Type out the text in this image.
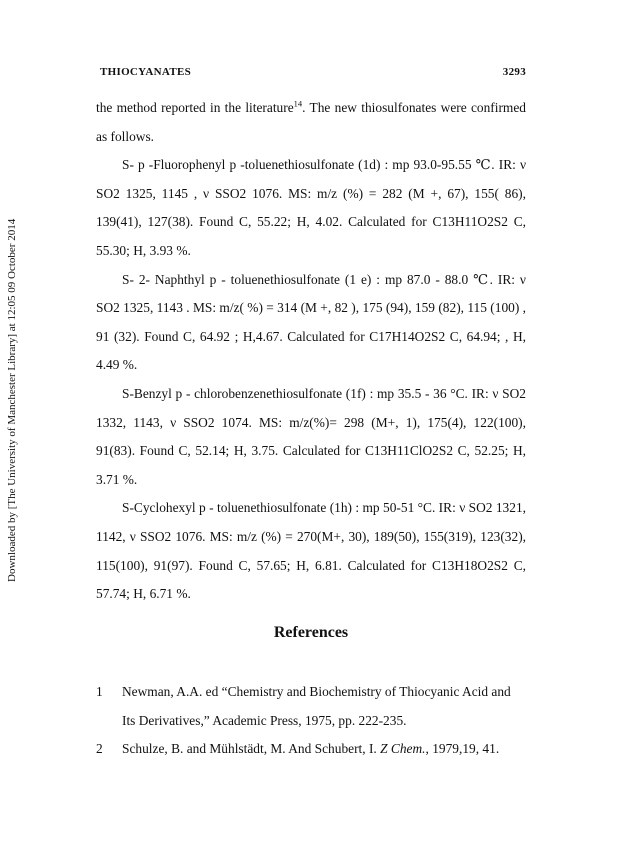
Downloaded by [The University of Manchester Library] at 12:05 09 October 2014
THIOCYANATES	3293

the method reported in the literature$^{14}$. The new thiosulfonates were confirmed as follows.

S- p -Fluorophenyl p -toluenethiosulfonate (1d) : mp 93.0-95.55 ℃. IR: ν SO2 1325, 1145 , ν SSO2 1076. MS: m/z (%) = 282 (M +, 67), 155( 86), 139(41), 127(38). Found C, 55.22; H, 4.02. Calculated for C13H11O2S2 C, 55.30; H, 3.93 %.

S- 2- Naphthyl p - toluenethiosulfonate (1 e) : mp 87.0 - 88.0 ℃. IR: ν SO2 1325, 1143 . MS: m/z( %) = 314 (M +, 82 ), 175 (94), 159 (82), 115 (100) , 91 (32). Found C, 64.92 ; H,4.67. Calculated for C17H14O2S2 C, 64.94; , H, 4.49 %.

S-Benzyl p - chlorobenzenethiosulfonate (1f) : mp 35.5 - 36 °C. IR: ν SO2 1332, 1143, ν SSO2 1074. MS: m/z(%)= 298 (M+, 1), 175(4), 122(100), 91(83). Found C, 52.14; H, 3.75. Calculated for C13H11ClO2S2 C, 52.25; H, 3.71 %.

S-Cyclohexyl p - toluenethiosulfonate (1h) : mp 50-51 °C. IR: ν SO2 1321, 1142, ν SSO2 1076. MS: m/z (%) = 270(M+, 30), 189(50), 155(319), 123(32), 115(100), 91(97). Found C, 57.65; H, 6.81. Calculated for C13H18O2S2 C, 57.74; H, 6.71 %.

References
1 Newman, A.A. ed “Chemistry and Biochemistry of Thiocyanic Acid and Its Derivatives,” Academic Press, 1975, pp. 222-235.
2 Schulze, B. and Mühlstädt, M. And Schubert, I. Z Chem., 1979,19, 41.
